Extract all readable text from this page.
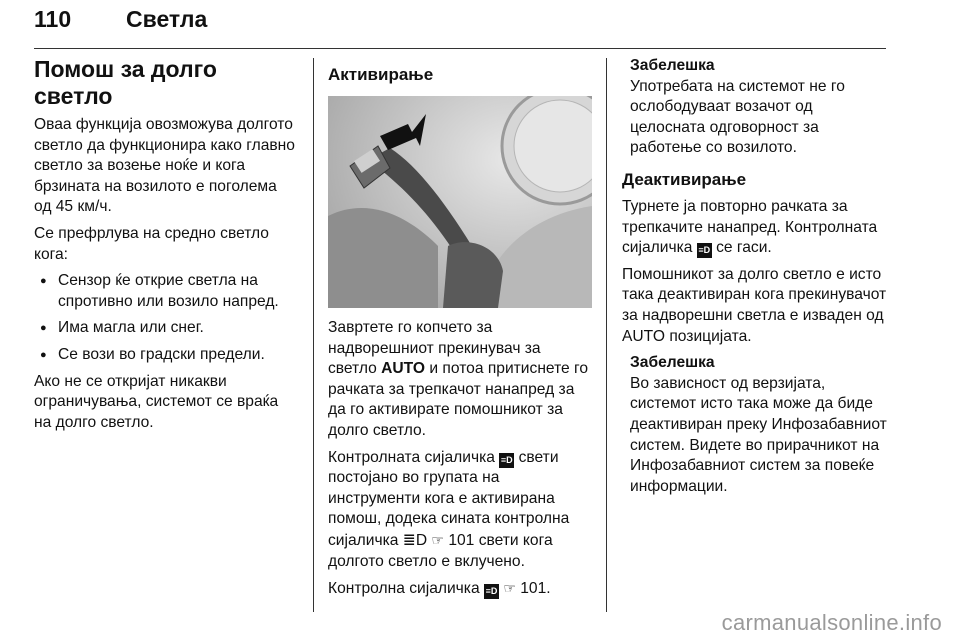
110 Светла
Помош за долго светло

Оваа функција овозможува долгото светло да функционира како главно светло за возење ноќе и кога брзината на возилото е поголема од 45 км/ч.

Се префрлува на средно светло кога:

● Сензор ќе открие светла на спротивно или возило напред.
● Има магла или снег.
● Се вози во градски предели.

Ако не се откријат никакви ограничувања, системот се враќа на долго светло.

Активирање

Завртете го копчето за надворешниот прекинувач за светло AUTO и потоа притиснете го рачката за трепкачот нанапред за да го активирате помошникот за долго светло.

Контролната сијаличка ≡D свети постојано во групата на инструменти кога е активирана помош, додека сината контролна сијаличка ≣D ☞ 101 свети кога долгото светло е вклучено.

Контролна сијаличка ≡D ☞ 101.

Забелешка
Употребата на системот не го ослободуваат возачот од целосната одговорност за работење со возилото.
Деактивирање

Турнете ја повторно рачката за трепкачите нанапред. Контролната сијаличка ≡D се гаси.

Помошникот за долго светло е исто така деактивиран кога прекинувачот за надворешни светла е изваден од AUTO позицијата.

Забелешка
Во зависност од верзијата, системот исто така може да биде деактивиран преку Инфозабавниот систем. Видете во прирачникот на Инфозабавниот систем за повеќе информации.
carmanualsonline.info
